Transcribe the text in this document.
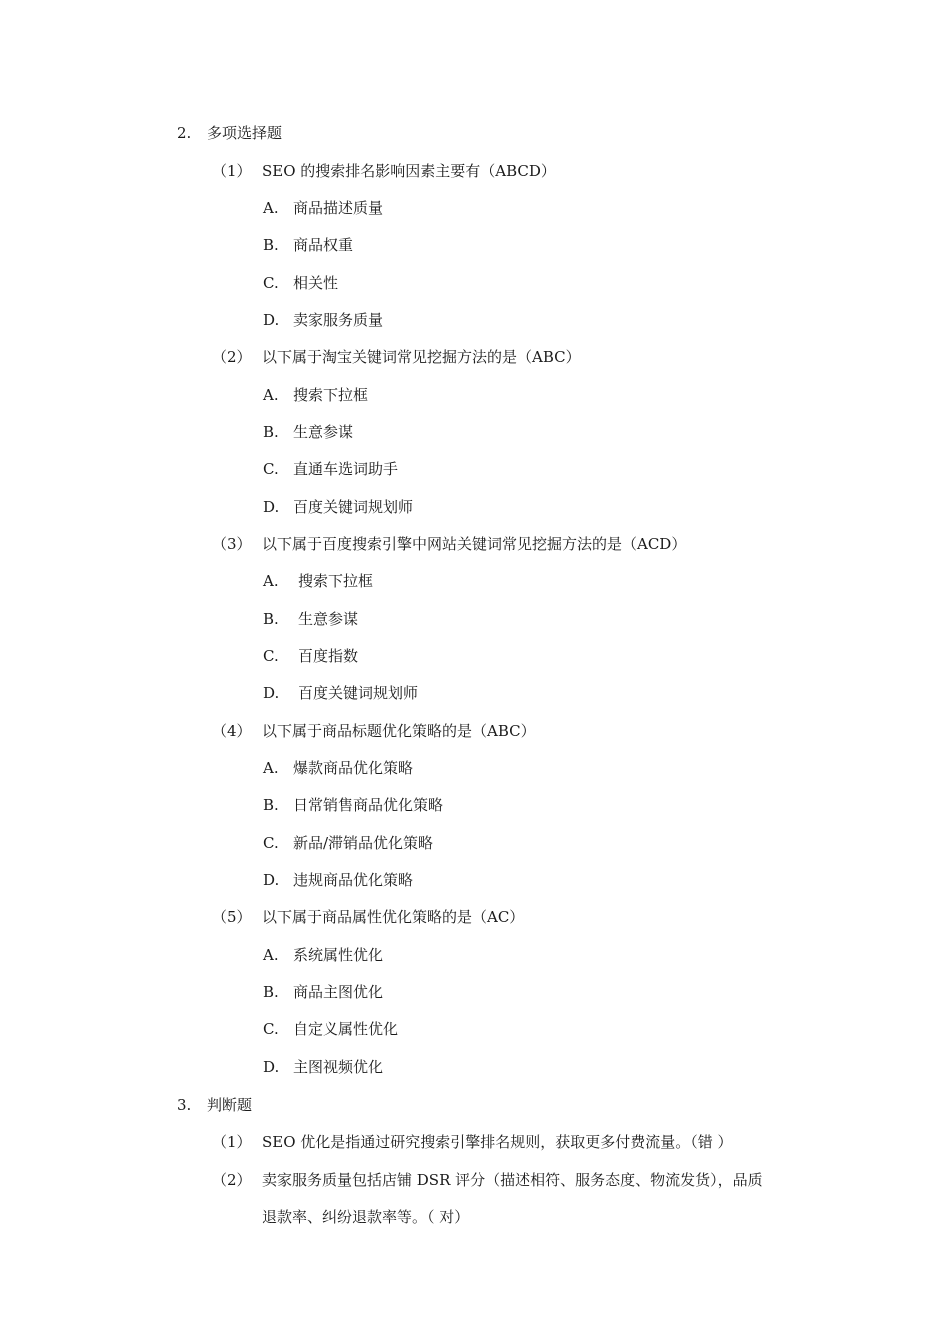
2. 多项选择题
（1） SEO 的搜索排名影响因素主要有（ABCD）
A. 商品描述质量
B. 商品权重
C. 相关性
D. 卖家服务质量
（2） 以下属于淘宝关键词常见挖掘方法的是（ABC）
A. 搜索下拉框
B. 生意参谋
C. 直通车选词助手
D. 百度关键词规划师
（3） 以下属于百度搜索引擎中网站关键词常见挖掘方法的是（ACD）
A. 搜索下拉框
B. 生意参谋
C. 百度指数
D. 百度关键词规划师
（4） 以下属于商品标题优化策略的是（ABC）
A. 爆款商品优化策略
B. 日常销售商品优化策略
C. 新品/滞销品优化策略
D. 违规商品优化策略
（5） 以下属于商品属性优化策略的是（AC）
A. 系统属性优化
B. 商品主图优化
C. 自定义属性优化
D. 主图视频优化
3. 判断题
（1） SEO 优化是指通过研究搜索引擎排名规则，获取更多付费流量。（错 ）
（2） 卖家服务质量包括店铺 DSR 评分（描述相符、服务态度、物流发货），品质
退款率、纠纷退款率等。（ 对）
